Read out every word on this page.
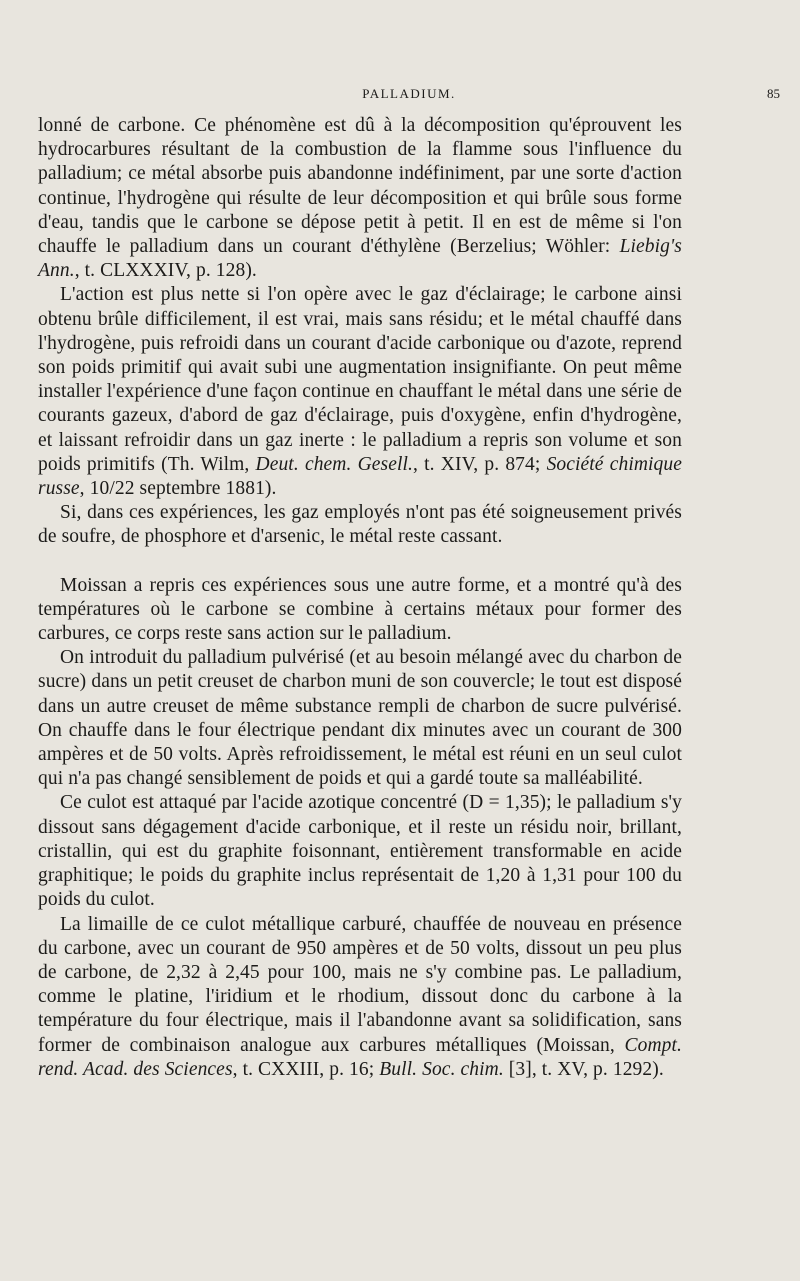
PALLADIUM.	85

lonné de carbone. Ce phénomène est dû à la décomposition qu'éprouvent les hydrocarbures résultant de la combustion de la flamme sous l'influence du palladium; ce métal absorbe puis abandonne indéfiniment, par une sorte d'action continue, l'hydrogène qui résulte de leur décomposition et qui brûle sous forme d'eau, tandis que le carbone se dépose petit à petit. Il en est de même si l'on chauffe le palladium dans un courant d'éthylène (Berzelius; Wöhler: Liebig's Ann., t. CLXXXIV, p. 128).

L'action est plus nette si l'on opère avec le gaz d'éclairage; le carbone ainsi obtenu brûle difficilement, il est vrai, mais sans résidu; et le métal chauffé dans l'hydrogène, puis refroidi dans un courant d'acide carbonique ou d'azote, reprend son poids primitif qui avait subi une augmentation insignifiante. On peut même installer l'expérience d'une façon continue en chauffant le métal dans une série de courants gazeux, d'abord de gaz d'éclairage, puis d'oxygène, enfin d'hydrogène, et laissant refroidir dans un gaz inerte : le palladium a repris son volume et son poids primitifs (Th. Wilm, Deut. chem. Gesell., t. XIV, p. 874; Société chimique russe, 10/22 septembre 1881).

Si, dans ces expériences, les gaz employés n'ont pas été soigneusement privés de soufre, de phosphore et d'arsenic, le métal reste cassant.

Moissan a repris ces expériences sous une autre forme, et a montré qu'à des températures où le carbone se combine à certains métaux pour former des carbures, ce corps reste sans action sur le palladium.

On introduit du palladium pulvérisé (et au besoin mélangé avec du charbon de sucre) dans un petit creuset de charbon muni de son couvercle; le tout est disposé dans un autre creuset de même substance rempli de charbon de sucre pulvérisé. On chauffe dans le four électrique pendant dix minutes avec un courant de 300 ampères et de 50 volts. Après refroidissement, le métal est réuni en un seul culot qui n'a pas changé sensiblement de poids et qui a gardé toute sa malléabilité.

Ce culot est attaqué par l'acide azotique concentré (D = 1,35); le palladium s'y dissout sans dégagement d'acide carbonique, et il reste un résidu noir, brillant, cristallin, qui est du graphite foisonnant, entièrement transformable en acide graphitique; le poids du graphite inclus représentait de 1,20 à 1,31 pour 100 du poids du culot.

La limaille de ce culot métallique carburé, chauffée de nouveau en présence du carbone, avec un courant de 950 ampères et de 50 volts, dissout un peu plus de carbone, de 2,32 à 2,45 pour 100, mais ne s'y combine pas. Le palladium, comme le platine, l'iridium et le rhodium, dissout donc du carbone à la température du four électrique, mais il l'abandonne avant sa solidification, sans former de combinaison analogue aux carbures métalliques (Moissan, Compt. rend. Acad. des Sciences, t. CXXIII, p. 16; Bull. Soc. chim. [3], t. XV, p. 1292).
